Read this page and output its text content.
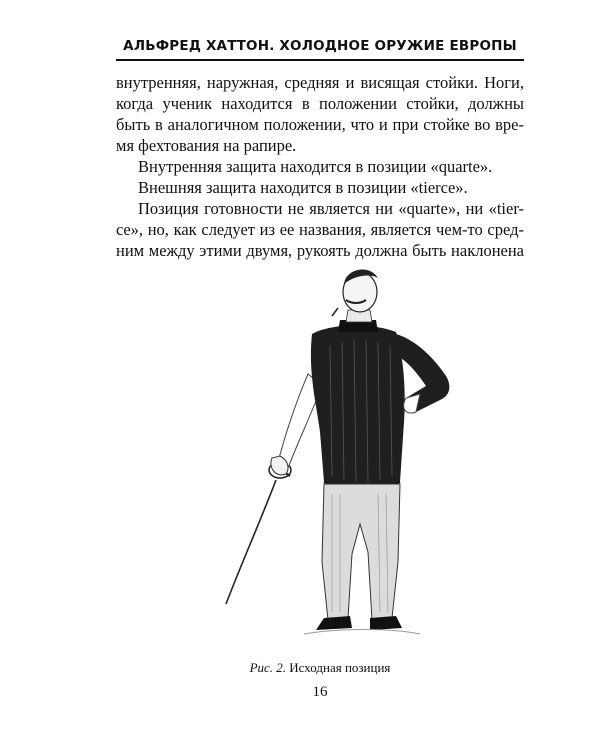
АЛЬФРЕД ХАТТОН. ХОЛОДНОЕ ОРУЖИЕ ЕВРОПЫ
внутренняя, наружная, средняя и висящая стойки. Ноги,
когда ученик находится в положении стойки, должны
быть в аналогичном положении, что и при стойке во вре-
мя фехтования на рапире.
Внутренняя защита находится в позиции «quarte».
Внешняя защита находится в позиции «tierce».
Позиция готовности не является ни «quarte», ни «tier-
ce», но, как следует из ее названия, является чем-то сред-
ним между этими двумя, рукоять должна быть наклонена
Рис. 2. Исходная позиция
16
